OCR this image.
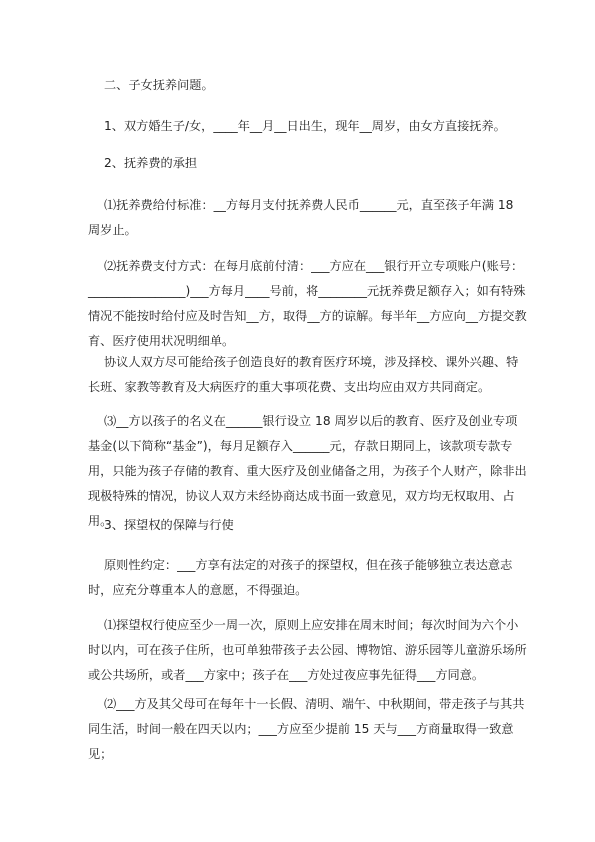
二、子女抚养问题。

1、双方婚生子/女，____年__月__日出生，现年__周岁，由女方直接抚养。

2、抚养费的承担

⑴抚养费给付标准：__方每月支付抚养费人民币______元，直至孩子年满 18 周岁止。

⑵抚养费支付方式：在每月底前付清：___方应在___银行开立专项账户(账号：________________)___方每月____号前，将________元抚养费足额存入；如有特殊情况不能按时给付应及时告知__方，取得__方的谅解。每半年__方应向__方提交教育、医疗使用状况明细单。

协议人双方尽可能给孩子创造良好的教育医疗环境，涉及择校、课外兴趣、特长班、家教等教育及大病医疗的重大事项花费、支出均应由双方共同商定。

⑶__方以孩子的名义在______银行设立 18 周岁以后的教育、医疗及创业专项基金(以下简称“基金”)，每月足额存入______元，存款日期同上，该款项专款专用，只能为孩子存储的教育、重大医疗及创业储备之用，为孩子个人财产，除非出现极特殊的情况，协议人双方未经协商达成书面一致意见，双方均无权取用、占用。

3、探望权的保障与行使

原则性约定：___方享有法定的对孩子的探望权，但在孩子能够独立表达意志时，应充分尊重本人的意愿，不得强迫。

⑴探望权行使应至少一周一次，原则上应安排在周末时间；每次时间为六个小时以内，可在孩子住所，也可单独带孩子去公园、博物馆、游乐园等儿童游乐场所或公共场所，或者___方家中；孩子在___方处过夜应事先征得___方同意。

⑵___方及其父母可在每年十一长假、清明、端午、中秋期间，带走孩子与其共同生活，时间一般在四天以内；___方应至少提前 15 天与___方商量取得一致意见；
